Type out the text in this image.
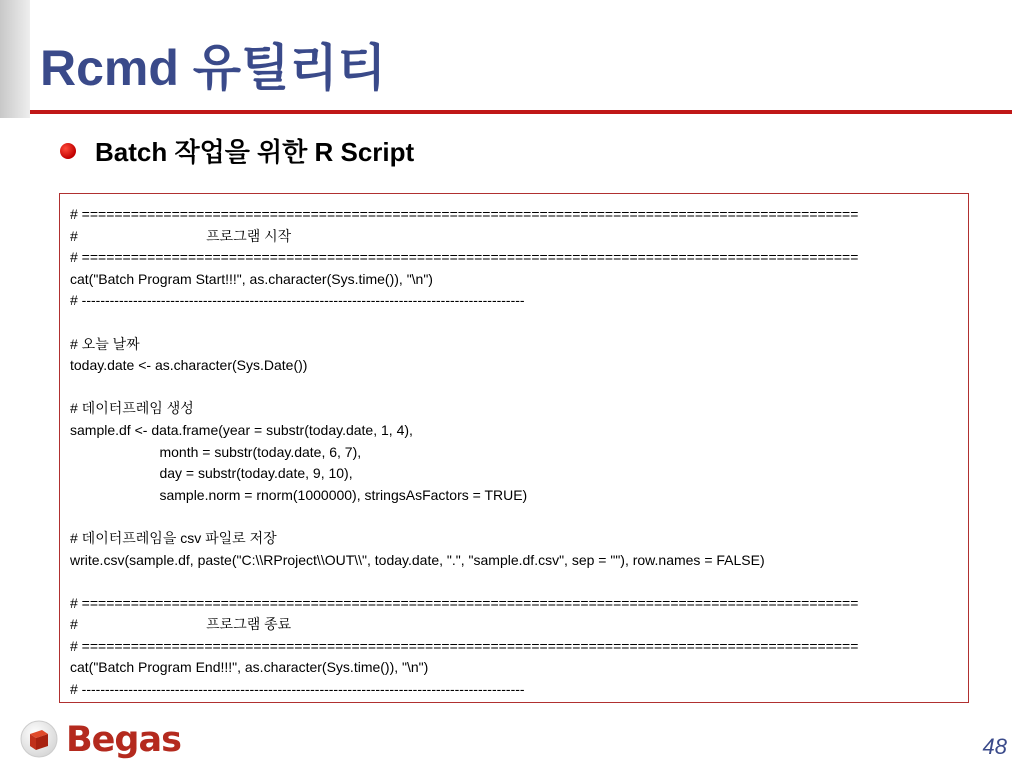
Rcmd 유틸리티
Batch 작업을 위한 R Script
# ===============================================================================================
#                                 프로그램 시작
# ===============================================================================================
cat("Batch Program Start!!!", as.character(Sys.time()), "\n")
# -----------------------------------------------------------------------------------------------
# 오늘 날짜
today.date <- as.character(Sys.Date())
# 데이터프레임 생성
sample.df <- data.frame(year = substr(today.date, 1, 4),
month = substr(today.date, 6, 7),
day = substr(today.date, 9, 10),
sample.norm = rnorm(1000000), stringsAsFactors = TRUE)
# 데이터프레임을 csv 파일로 저장
write.csv(sample.df, paste("C:\\RProject\\OUT\\", today.date, ".", "sample.df.csv", sep = ""), row.names = FALSE)
# ===============================================================================================
#                                 프로그램 종료
# ===============================================================================================
cat("Batch Program End!!!", as.character(Sys.time()), "\n")
# -----------------------------------------------------------------------------------------------
Begas	48
